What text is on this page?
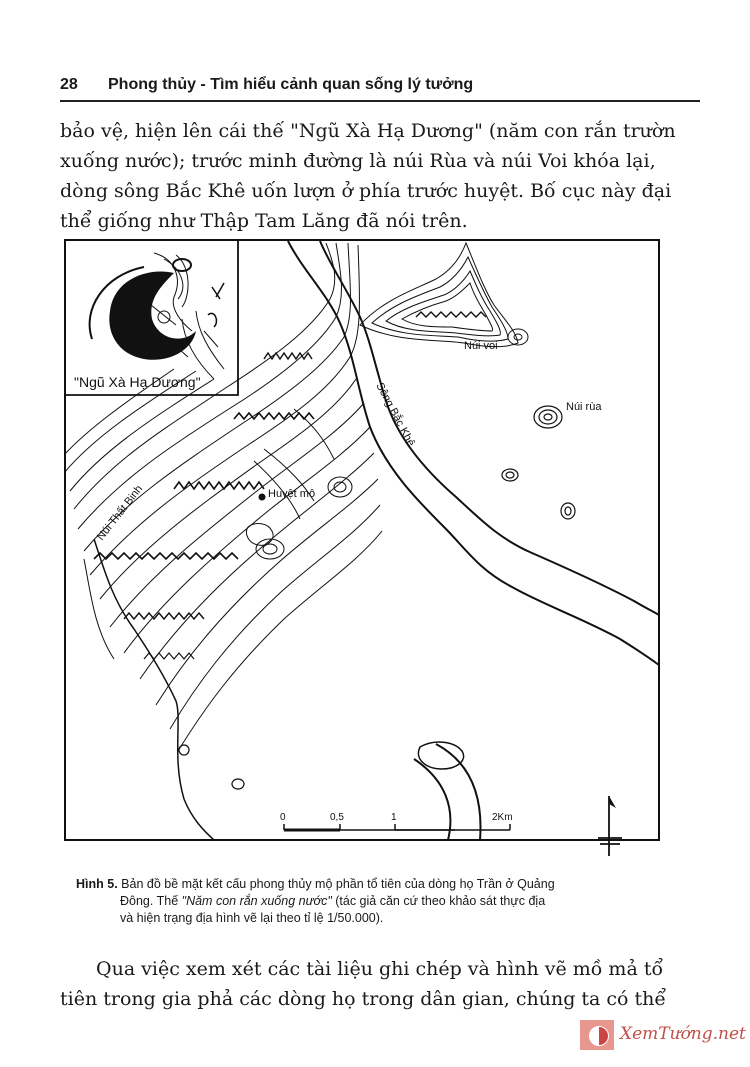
28 Phong thủy - Tìm hiểu cảnh quan sống lý tưởng

bảo vệ, hiện lên cái thế "Ngũ Xà Hạ Dương" (năm con rắn trườn
xuống nước); trước minh đường là núi Rùa và núi Voi khóa lại,
dòng sông Bắc Khê uốn lượn ở phía trước huyệt. Bố cục này đại
thể giống như Thập Tam Lăng đã nói trên.

"Ngũ Xà Hạ Dương"
Núi voi
Núi rùa
Sông Bắc Khê
Huyệt mộ
Núi Thất Binh
0	0,5	1	2Km
Hình 5. Bản đồ bề mặt kết cấu phong thủy mộ phần tổ tiên của dòng họ Trần ở Quảng
Đông. Thế "Năm con rắn xuống nước" (tác giả căn cứ theo khảo sát thực địa
và hiện trạng địa hình vẽ lại theo tỉ lệ 1/50.000).

Qua việc xem xét các tài liệu ghi chép và hình vẽ mồ mả tổ
tiên trong gia phả các dòng họ trong dân gian, chúng ta có thể

XemTướng.net
